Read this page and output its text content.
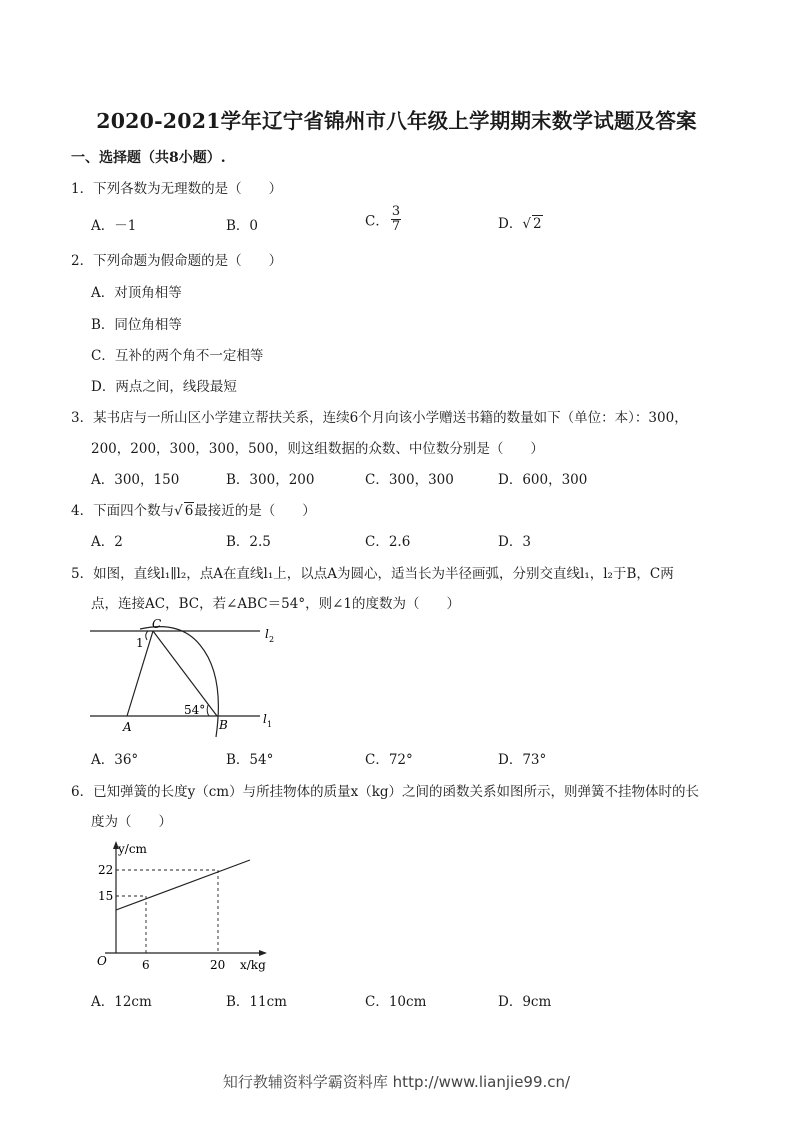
2020-2021学年辽宁省锦州市八年级上学期期末数学试题及答案
一、选择题（共8小题）.
1．下列各数为无理数的是（　　）
A．－1	B．0	C． $\frac{3}{7}$	D．√ 2
2．下列命题为假命题的是（　　）
A．对顶角相等
B．同位角相等
C．互补的两个角不一定相等
D．两点之间，线段最短
3．某书店与一所山区小学建立帮扶关系，连续6个月向该小学赠送书籍的数量如下（单位：本）：300，
200，200，300，300，500，则这组数据的众数、中位数分别是（　　）
A．300，150	B．300，200	C．300，300	D．600，300
4．下面四个数与√ 6最接近的是（　　）
A．2	B．2.5	C．2.6	D．3
5．如图，直线l₁∥l₂，点A在直线l₁上，以点A为圆心，适当长为半径画弧，分别交直线l₁，l₂于B，C两
点，连接AC，BC，若∠ABC＝54°，则∠1的度数为（　　）
C
1
54°
A	B
l 2
l 1
A．36°	B．54°	C．72°	D．73°
6．已知弹簧的长度y（cm）与所挂物体的质量x（kg）之间的函数关系如图所示，则弹簧不挂物体时的长
度为（　　）
y/cm
x/kg
O
22
15
6	20
A．12cm	B．11cm	C．10cm	D．9cm
知行教辅资料学霸资料库 http://www.lianjie99.cn/
